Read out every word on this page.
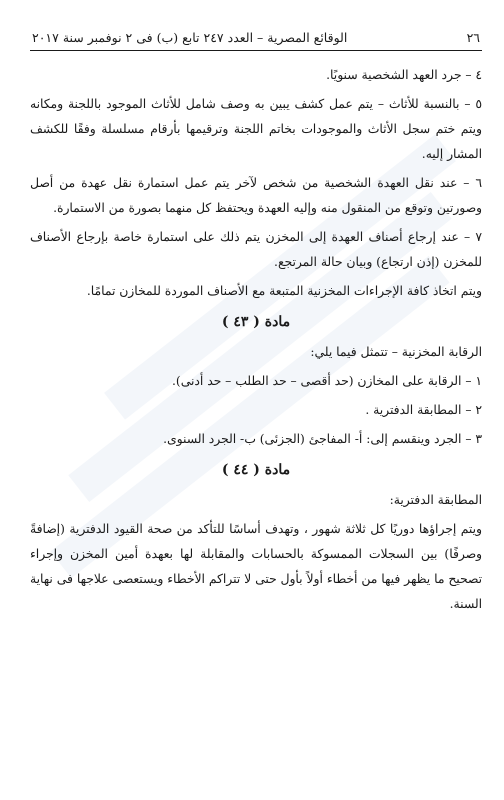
٢٦
الوقائع المصرية – العدد ٢٤٧ تابع (ب) فى ٢ نوفمبر سنة ٢٠١٧

٤ – جرد العهد الشخصية سنويًا.

٥ – بالنسبة للأثاث – يتم عمل كشف يبين به وصف شامل للأثاث الموجود باللجنة ومكانه ويتم ختم سجل الأثاث والموجودات بخاتم اللجنة وترقيمها بأرقام مسلسلة وفقًا للكشف المشار إليه.

٦ – عند نقل العهدة الشخصية من شخص لآخر يتم عمل استمارة نقل عهدة من أصل وصورتين وتوقع من المنقول منه وإليه العهدة ويحتفظ كل منهما بصورة من الاستمارة.

٧ – عند إرجاع أصناف العهدة إلى المخزن يتم ذلك على استمارة خاصة بإرجاع الأصناف للمخزن (إذن ارتجاع) وبيان حالة المرتجع.

ويتم اتخاذ كافة الإجراءات المخزنية المتبعة مع الأصناف الموردة للمخازن تمامًا.

مادة ( ٤٣ )

الرقابة المخزنية – تتمثل فيما يلي:

١ – الرقابة على المخازن (حد أقصى – حد الطلب – حد أدنى).

٢ – المطابقة الدفترية .

٣ – الجرد وينقسم إلى: أ- المفاجئ (الجزئى) ب- الجرد السنوى.

مادة ( ٤٤ )

المطابقة الدفترية:

ويتم إجراؤها دوريًا كل ثلاثة شهور ، وتهدف أساسًا للتأكد من صحة القيود الدفترية (إضافةً وصرفًا) بين السجلات الممسوكة بالحسابات والمقابلة لها بعهدة أمين المخزن وإجراء تصحيح ما يظهر فيها من أخطاء أولاً بأول حتى لا تتراكم الأخطاء ويستعصى علاجها فى نهاية السنة.
